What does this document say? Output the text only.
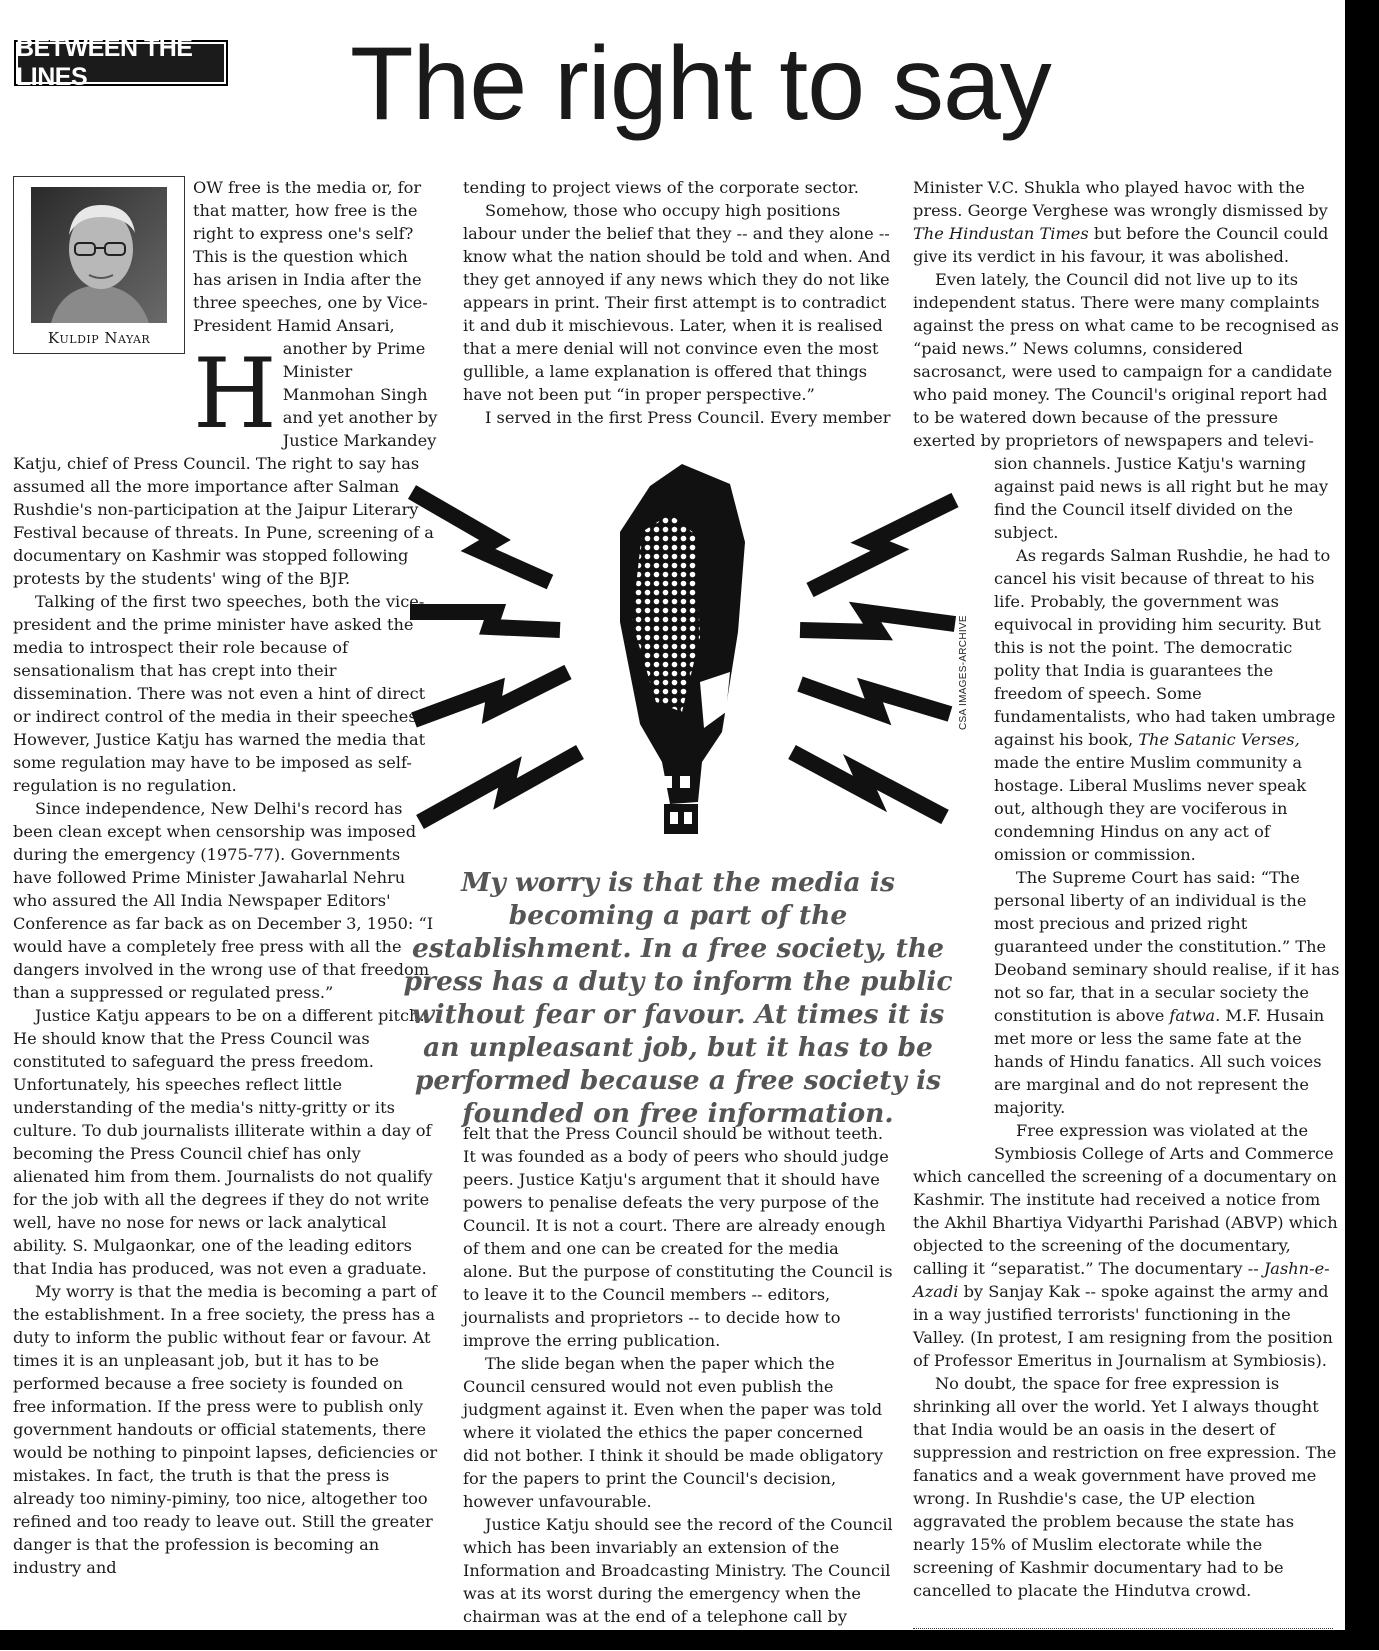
BETWEEN THE LINES	The right to say
Kuldip Nayar H
OW free is the media or, for that matter, how free is the right to express one's self? This is the question which has arisen in India after the three speeches, one by Vice-President Hamid Ansari, another by Prime Minister Manmohan Singh and yet another by Justice Markandey Katju, chief of Press Council. The right to say has assumed all the more importance after Salman Rushdie's non-participation at the Jaipur Literary Festival because of threats. In Pune, screening of a documentary on Kashmir was stopped following protests by the students' wing of the BJP.

Talking of the first two speeches, both the vice-president and the prime minister have asked the media to introspect their role because of sensationalism that has crept into their dissemination. There was not even a hint of direct or indirect control of the media in their speeches. However, Justice Katju has warned the media that some regulation may have to be imposed as self-regulation is no regulation.

Since independence, New Delhi's record has been clean except when censorship was imposed during the emergency (1975-77). Governments have followed Prime Minister Jawaharlal Nehru who assured the All India Newspaper Editors' Conference as far back as on December 3, 1950: “I would have a completely free press with all the dangers involved in the wrong use of that freedom than a suppressed or regulated press.”

Justice Katju appears to be on a different pitch. He should know that the Press Council was constituted to safeguard the press freedom. Unfortunately, his speeches reflect little understanding of the media's nitty-gritty or its culture. To dub journalists illiterate within a day of becoming the Press Council chief has only alienated him from them. Journalists do not qualify for the job with all the degrees if they do not write well, have no nose for news or lack analytical ability. S. Mulgaonkar, one of the leading editors that India has produced, was not even a graduate.

My worry is that the media is becoming a part of the establishment. In a free society, the press has a duty to inform the public without fear or favour. At times it is an unpleasant job, but it has to be performed because a free society is founded on free information. If the press were to publish only government handouts or official statements, there would be nothing to pinpoint lapses, deficiencies or mistakes. In fact, the truth is that the press is already too niminy-piminy, too nice, altogether too refined and too ready to leave out. Still the greater danger is that the profession is becoming an industry and

tending to project views of the corporate sector.

Somehow, those who occupy high positions labour under the belief that they -- and they alone -- know what the nation should be told and when. And they get annoyed if any news which they do not like appears in print. Their first attempt is to contradict it and dub it mischievous. Later, when it is realised that a mere denial will not convince even the most gullible, a lame explanation is offered that things have not been put “in proper perspective.”

I served in the first Press Council. Every member

CSA IMAGES-ARCHIVE
My worry is that the media is becoming a part of the establishment. In a free society, the press has a duty to inform the public without fear or favour. At times it is an unpleasant job, but it has to be performed because a free society is founded on free information.

felt that the Press Council should be without teeth. It was founded as a body of peers who should judge peers. Justice Katju's argument that it should have powers to penalise defeats the very purpose of the Council. It is not a court. There are already enough of them and one can be created for the media alone. But the purpose of constituting the Council is to leave it to the Council members -- editors, journalists and proprietors -- to decide how to improve the erring publication.

The slide began when the paper which the Council censured would not even publish the judgment against it. Even when the paper was told where it violated the ethics the paper concerned did not bother. I think it should be made obligatory for the papers to print the Council's decision, however unfavourable.

Justice Katju should see the record of the Council which has been invariably an extension of the Information and Broadcasting Ministry. The Council was at its worst during the emergency when the chairman was at the end of a telephone call by

Minister V.C. Shukla who played havoc with the press. George Verghese was wrongly dismissed by The Hindustan Times but before the Council could give its verdict in his favour, it was abolished.

Even lately, the Council did not live up to its independent status. There were many complaints against the press on what came to be recognised as “paid news.” News columns, considered sacrosanct, were used to campaign for a candidate who paid money. The Council's original report had to be watered down because of the pressure exerted by proprietors of newspapers and televi-

sion channels. Justice Katju's warning against paid news is all right but he may find the Council itself divided on the subject.

As regards Salman Rushdie, he had to cancel his visit because of threat to his life. Probably, the government was equivocal in providing him security. But this is not the point. The democratic polity that India is guarantees the freedom of speech. Some fundamentalists, who had taken umbrage against his book, The Satanic Verses, made the entire Muslim community a hostage. Liberal Muslims never speak out, although they are vociferous in condemning Hindus on any act of omission or commission.

The Supreme Court has said: “The personal liberty of an individual is the most precious and prized right guaranteed under the constitution.” The Deoband seminary should realise, if it has not so far, that in a secular society the constitution is above fatwa. M.F. Husain met more or less the same fate at the hands of Hindu fanatics. All such voices are marginal and do not represent the majority.

Free expression was violated at the Symbiosis College of Arts and Commerce

which cancelled the screening of a documentary on Kashmir. The institute had received a notice from the Akhil Bhartiya Vidyarthi Parishad (ABVP) which objected to the screening of the documentary, calling it “separatist.” The documentary -- Jashn-e-Azadi by Sanjay Kak -- spoke against the army and in a way justified terrorists' functioning in the Valley. (In protest, I am resigning from the position of Professor Emeritus in Journalism at Symbiosis).

No doubt, the space for free expression is shrinking all over the world. Yet I always thought that India would be an oasis in the desert of suppression and restriction on free expression. The fanatics and a weak government have proved me wrong. In Rushdie's case, the UP election aggravated the problem because the state has nearly 15% of Muslim electorate while the screening of Kashmir documentary had to be cancelled to placate the Hindutva crowd.
